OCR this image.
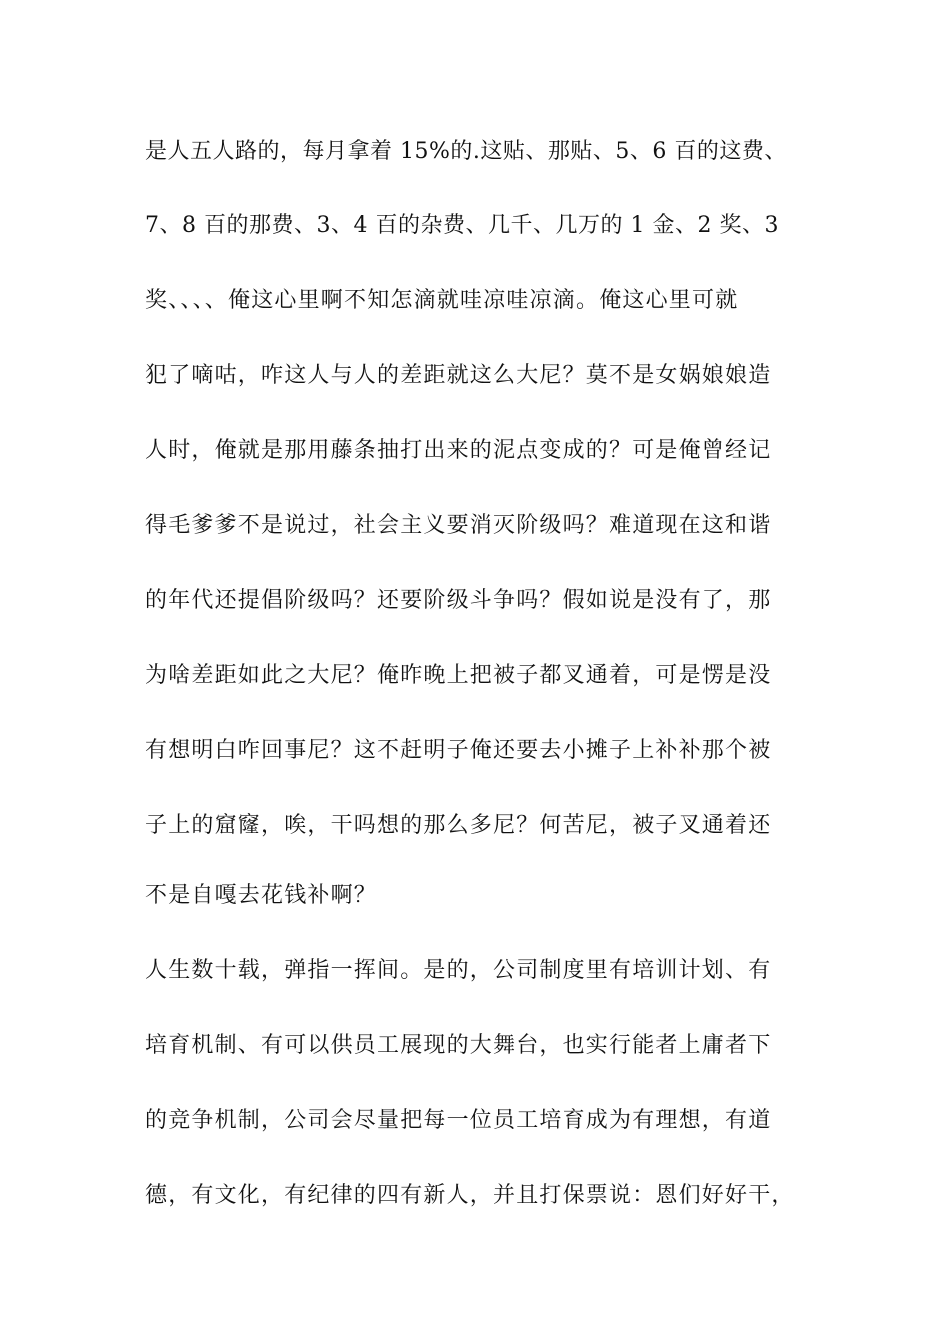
是人五人路的，每月拿着 15%的.这贴、那贴、5、6 百的这费、
7、8 百的那费、3、4 百的杂费、几千、几万的 1 金、2 奖、3
奖、、、、俺这心里啊不知怎滴就哇凉哇凉滴。俺这心里可就
犯了嘀咕，咋这人与人的差距就这么大尼？莫不是女娲娘娘造
人时，俺就是那用藤条抽打出来的泥点变成的？可是俺曾经记
得毛爹爹不是说过，社会主义要消灭阶级吗？难道现在这和谐
的年代还提倡阶级吗？还要阶级斗争吗？假如说是没有了，那
为啥差距如此之大尼？俺昨晚上把被子都叉通着，可是愣是没
有想明白咋回事尼？这不赶明子俺还要去小摊子上补补那个被
子上的窟窿，唉，干吗想的那么多尼？何苦尼，被子叉通着还
不是自嘎去花钱补啊？
人生数十载，弹指一挥间。是的，公司制度里有培训计划、有
培育机制、有可以供员工展现的大舞台，也实行能者上庸者下
的竞争机制，公司会尽量把每一位员工培育成为有理想，有道
德，有文化，有纪律的四有新人，并且打保票说：恩们好好干，
